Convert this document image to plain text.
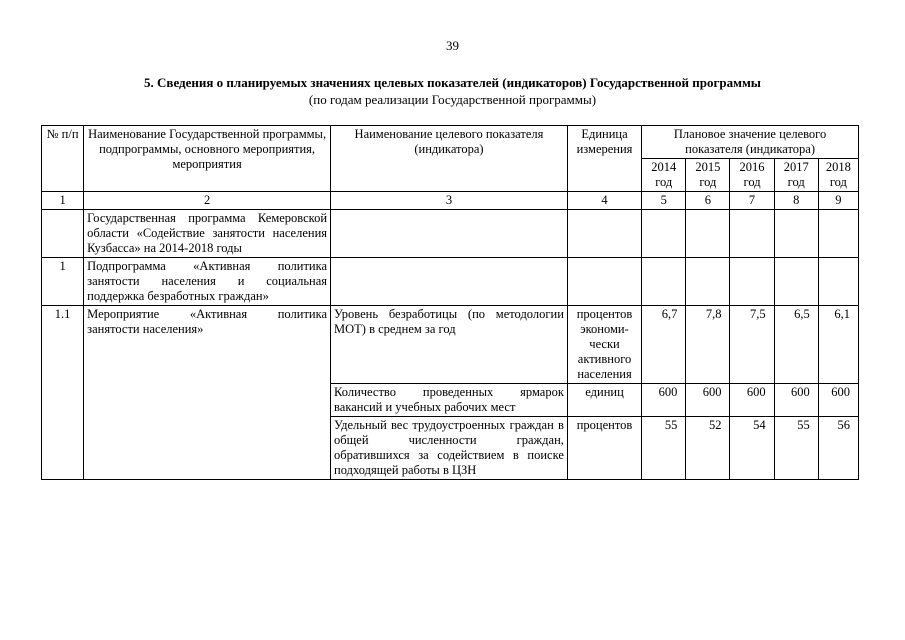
39
5. Сведения о планируемых значениях целевых показателей (индикаторов) Государственной программы
(по годам реализации Государственной программы)
№ п/п	Наименование Государственной программы, подпрограммы, основного мероприятия, мероприятия	Наименование целевого показателя (индикатора)	Единица измерения	Плановое значение целевого показателя (индикатора)				
				2014 год	2015 год	2016 год	2017 год	2018 год
1	2	3	4	5	6	7	8	9
	Государственная программа Кемеровской области «Содействие занятости населения Кузбасса» на 2014-2018 годы							
1	Подпрограмма «Активная политика занятости населения и социальная поддержка безработных граждан»							
1.1	Мероприятие «Активная политика занятости населения»	Уровень безработицы (по методологии МОТ) в среднем за год	процентов экономи-чески активного населения	6,7	7,8	7,5	6,5	6,1
		Количество проведенных ярмарок вакансий и учебных рабочих мест	единиц	600	600	600	600	600
		Удельный вес трудоустроенных граждан в общей численности граждан, обратившихся за содействием в поиске подходящей работы в ЦЗН	процентов	55	52	54	55	56
